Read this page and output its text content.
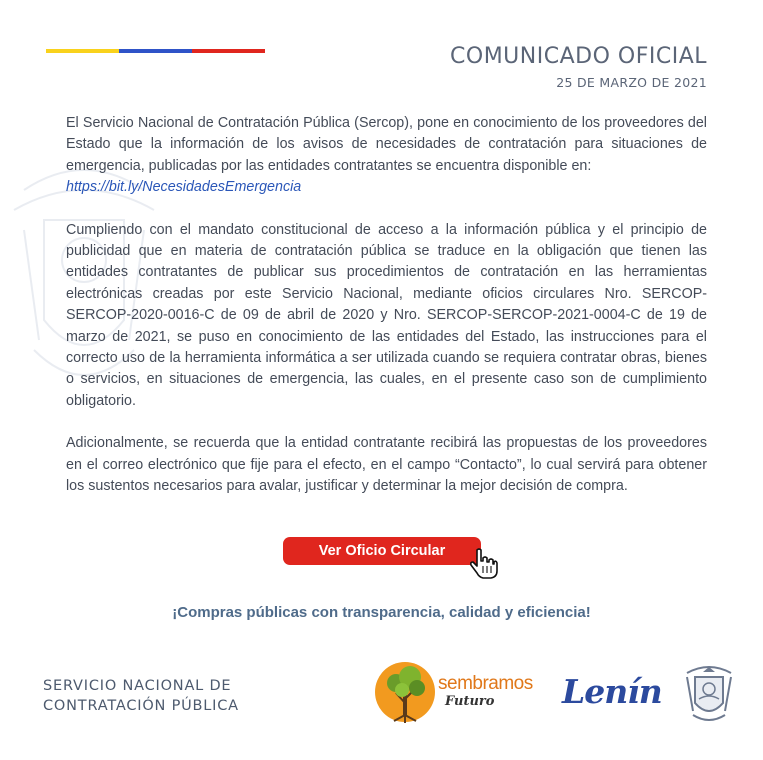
COMUNICADO OFICIAL
25 DE MARZO DE 2021

El Servicio Nacional de Contratación Pública (Sercop), pone en conocimiento de los proveedores del Estado que la información de los avisos de necesidades de contratación para situaciones de emergencia, publicadas por las entidades contratantes se encuentra disponible en:
https://bit.ly/NecesidadesEmergencia

Cumpliendo con el mandato constitucional de acceso a la información pública y el principio de publicidad que en materia de contratación pública se traduce en la obligación que tienen las entidades contratantes de publicar sus procedimientos de contratación en las herramientas electrónicas creadas por este Servicio Nacional, mediante oficios circulares Nro. SERCOP-SERCOP-2020-0016-C de 09 de abril de 2020 y Nro. SERCOP-SERCOP-2021-0004-C de 19 de marzo de 2021, se puso en conocimiento de las entidades del Estado, las instrucciones para el correcto uso de la herramienta informática a ser utilizada cuando se requiera contratar obras, bienes o servicios, en situaciones de emergencia, las cuales, en el presente caso son de cumplimiento obligatorio.

Adicionalmente, se recuerda que la entidad contratante recibirá las propuestas de los proveedores en el correo electrónico que fije para el efecto, en el campo “Contacto”, lo cual servirá para obtener los sustentos necesarios para avalar, justificar y determinar la mejor decisión de compra.

Ver Oficio Circular
¡Compras públicas con transparencia, calidad y eficiencia!
SERVICIO NACIONAL DE
CONTRATACIÓN PÚBLICA
sembramos
Futuro Lenín
